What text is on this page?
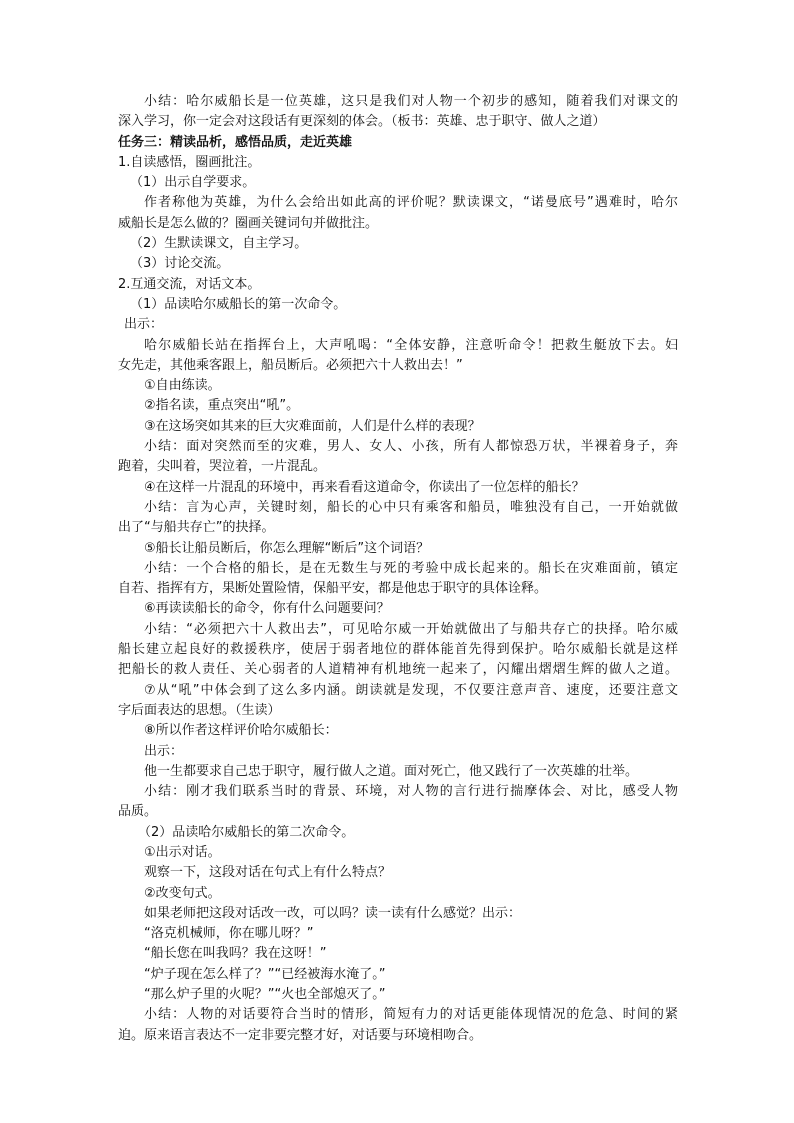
小结：哈尔威船长是一位英雄，这只是我们对人物一个初步的感知，随着我们对课文的
深入学习，你一定会对这段话有更深刻的体会。（板书：英雄、忠于职守、做人之道）
任务三：精读品析，感悟品质，走近英雄
1.自读感悟，圈画批注。
（1）出示自学要求。
作者称他为英雄，为什么会给出如此高的评价呢？默读课文，“诺曼底号”遇难时，哈尔
威船长是怎么做的？圈画关键词句并做批注。
（2）生默读课文，自主学习。
（3）讨论交流。
2.互通交流，对话文本。
（1）品读哈尔威船长的第一次命令。
出示：
哈尔威船长站在指挥台上，大声吼喝：“全体安静，注意听命令！把救生艇放下去。妇
女先走，其他乘客跟上，船员断后。必须把六十人救出去！”
①自由练读。
②指名读，重点突出“吼”。
③在这场突如其来的巨大灾难面前，人们是什么样的表现？
小结：面对突然而至的灾难，男人、女人、小孩，所有人都惊恐万状，半裸着身子，奔
跑着，尖叫着，哭泣着，一片混乱。
④在这样一片混乱的环境中，再来看看这道命令，你读出了一位怎样的船长？
小结：言为心声，关键时刻，船长的心中只有乘客和船员，唯独没有自己，一开始就做
出了“与船共存亡”的抉择。
⑤船长让船员断后，你怎么理解“断后”这个词语？
小结：一个合格的船长，是在无数生与死的考验中成长起来的。船长在灾难面前，镇定
自若、指挥有方，果断处置险情，保船平安，都是他忠于职守的具体诠释。
⑥再读读船长的命令，你有什么问题要问？
小结：“必须把六十人救出去”，可见哈尔威一开始就做出了与船共存亡的抉择。哈尔威
船长建立起良好的救援秩序，使居于弱者地位的群体能首先得到保护。哈尔威船长就是这样
把船长的救人责任、关心弱者的人道精神有机地统一起来了，闪耀出熠熠生辉的做人之道。
⑦从“吼”中体会到了这么多内涵。朗读就是发现，不仅要注意声音、速度，还要注意文
字后面表达的思想。（生读）
⑧所以作者这样评价哈尔威船长：
出示：
他一生都要求自己忠于职守，履行做人之道。面对死亡，他又践行了一次英雄的壮举。
小结：刚才我们联系当时的背景、环境，对人物的言行进行揣摩体会、对比，感受人物
品质。
（2）品读哈尔威船长的第二次命令。
①出示对话。
观察一下，这段对话在句式上有什么特点？
②改变句式。
如果老师把这段对话改一改，可以吗？读一读有什么感觉？出示：
“洛克机械师，你在哪儿呀？”
“船长您在叫我吗？我在这呀！”
“炉子现在怎么样了？”“已经被海水淹了。”
“那么炉子里的火呢？”“火也全部熄灭了。”
小结：人物的对话要符合当时的情形，简短有力的对话更能体现情况的危急、时间的紧
迫。原来语言表达不一定非要完整才好，对话要与环境相吻合。
